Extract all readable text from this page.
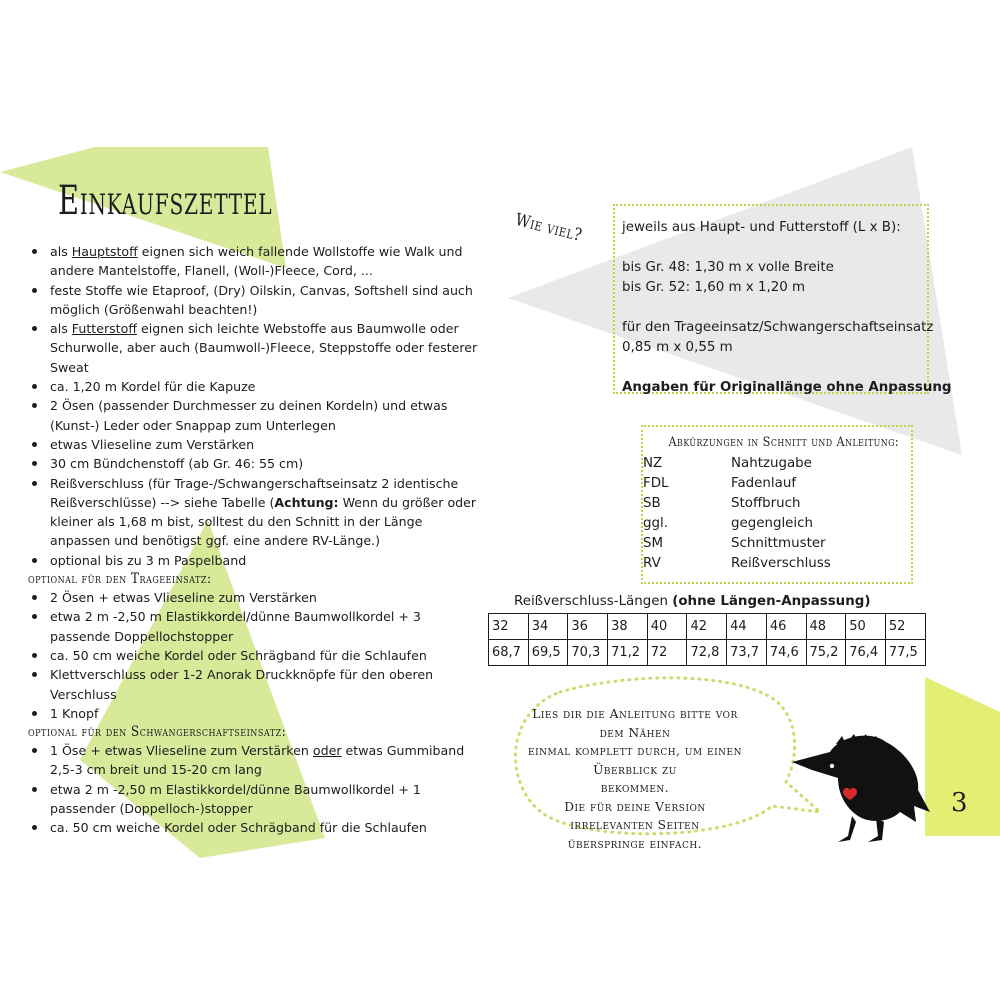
Einkaufszettel
als Hauptstoff eignen sich weich fallende Wollstoffe wie Walk und andere Mantelstoffe, Flanell, (Woll-)Fleece, Cord, ...
feste Stoffe wie Etaproof, (Dry) Oilskin, Canvas, Softshell sind auch möglich (Größenwahl beachten!)
als Futterstoff eignen sich leichte Webstoffe aus Baumwolle oder Schurwolle, aber auch (Baumwoll-)Fleece, Steppstoffe oder festerer Sweat
ca. 1,20 m Kordel für die Kapuze
2 Ösen (passender Durchmesser zu deinen Kordeln) und etwas (Kunst-) Leder oder Snappap zum Unterlegen
etwas Vlieseline zum Verstärken
30 cm Bündchenstoff (ab Gr. 46: 55 cm)
Reißverschluss (für Trage-/Schwangerschaftseinsatz 2 identische Reißverschlüsse) --> siehe Tabelle (Achtung: Wenn du größer oder kleiner als 1,68 m bist, solltest du den Schnitt in der Länge anpassen und benötigst ggf. eine andere RV-Länge.)
optional bis zu 3 m Paspelband
optional für den Trageeinsatz:
2 Ösen + etwas Vlieseline zum Verstärken
etwa 2 m -2,50 m Elastikkordel/dünne Baumwollkordel + 3 passende Doppellochstopper
ca. 50 cm weiche Kordel oder Schrägband für die Schlaufen
Klettverschluss oder 1-2 Anorak Druckknöpfe für den oberen Verschluss
1 Knopf
optional für den Schwangerschaftseinsatz:
1 Öse + etwas Vlieseline zum Verstärken oder etwas Gummiband 2,5-3 cm breit und 15-20 cm lang
etwa 2 m -2,50 m Elastikkordel/dünne Baumwollkordel + 1 passender (Doppelloch-)stopper
ca. 50 cm weiche Kordel oder Schrägband für die Schlaufen
Wie viel?	jeweils aus Haupt- und Futterstoff (L x B):

bis Gr. 48: 1,30 m x volle Breite

bis Gr. 52: 1,60 m x 1,20 m

für den Trageeinsatz/Schwangerschaftseinsatz

0,85 m x 0,55 m

Angaben für Originallänge ohne Anpassung

Abkürzungen in Schnitt und Anleitung:
NZ	Nahtzugabe
FDL	Fadenlauf
SB	Stoffbruch
ggl.	gegengleich
SM	Schnittmuster
RV	Reißverschluss
Reißverschluss-Längen (ohne Längen-Anpassung)
32	34	36	38	40	42	44	46	48	50	52
68,7	69,5	70,3	71,2	72	72,8	73,7	74,6	75,2	76,4	77,5
Lies dir die Anleitung bitte vor dem Nähen
einmal komplett durch, um einen Überblick zu
bekommen.
Die für deine Version irrelevanten Seiten
überspringe einfach.
3
